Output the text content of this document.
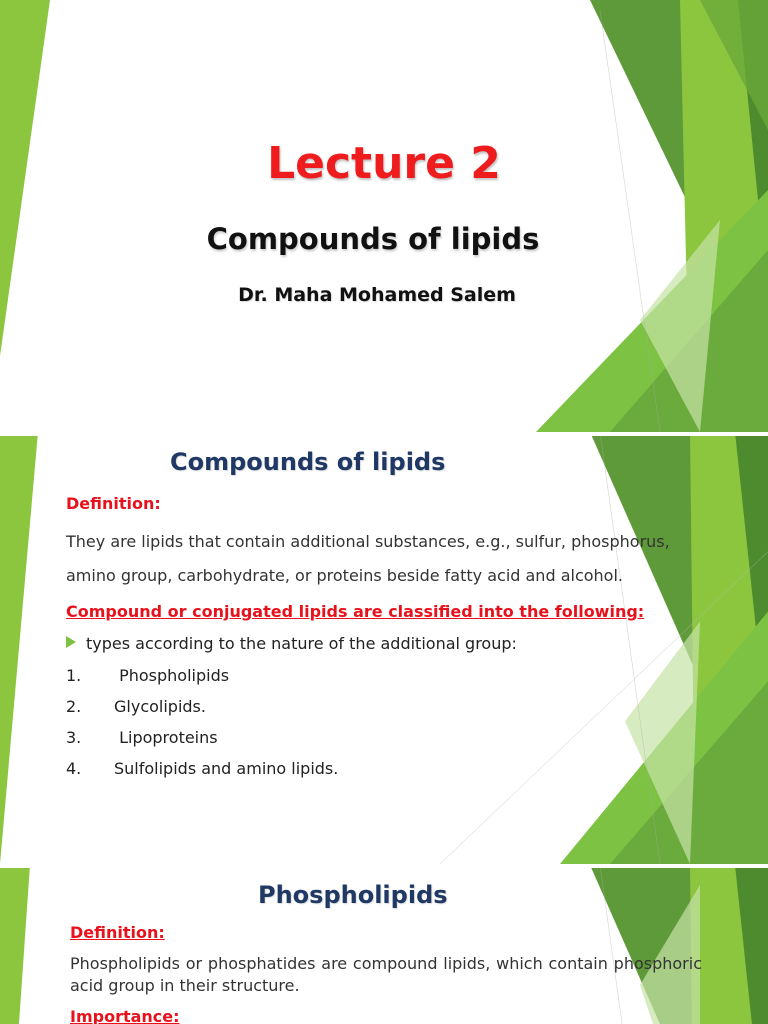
Lecture 2
Compounds of lipids
Dr. Maha Mohamed Salem
Compounds of lipids
Definition:
They are lipids that contain additional substances, e.g., sulfur, phosphorus,
amino group, carbohydrate, or proteins beside fatty acid and alcohol.
Compound or conjugated lipids are classified into the following:
types according to the nature of the additional group:
1. Phospholipids
2. Glycolipids.
3. Lipoproteins
4. Sulfolipids and amino lipids.
Phospholipids
Definition:
Phospholipids or phosphatides are compound lipids, which contain phosphoric acid group in their structure.
Importance:
